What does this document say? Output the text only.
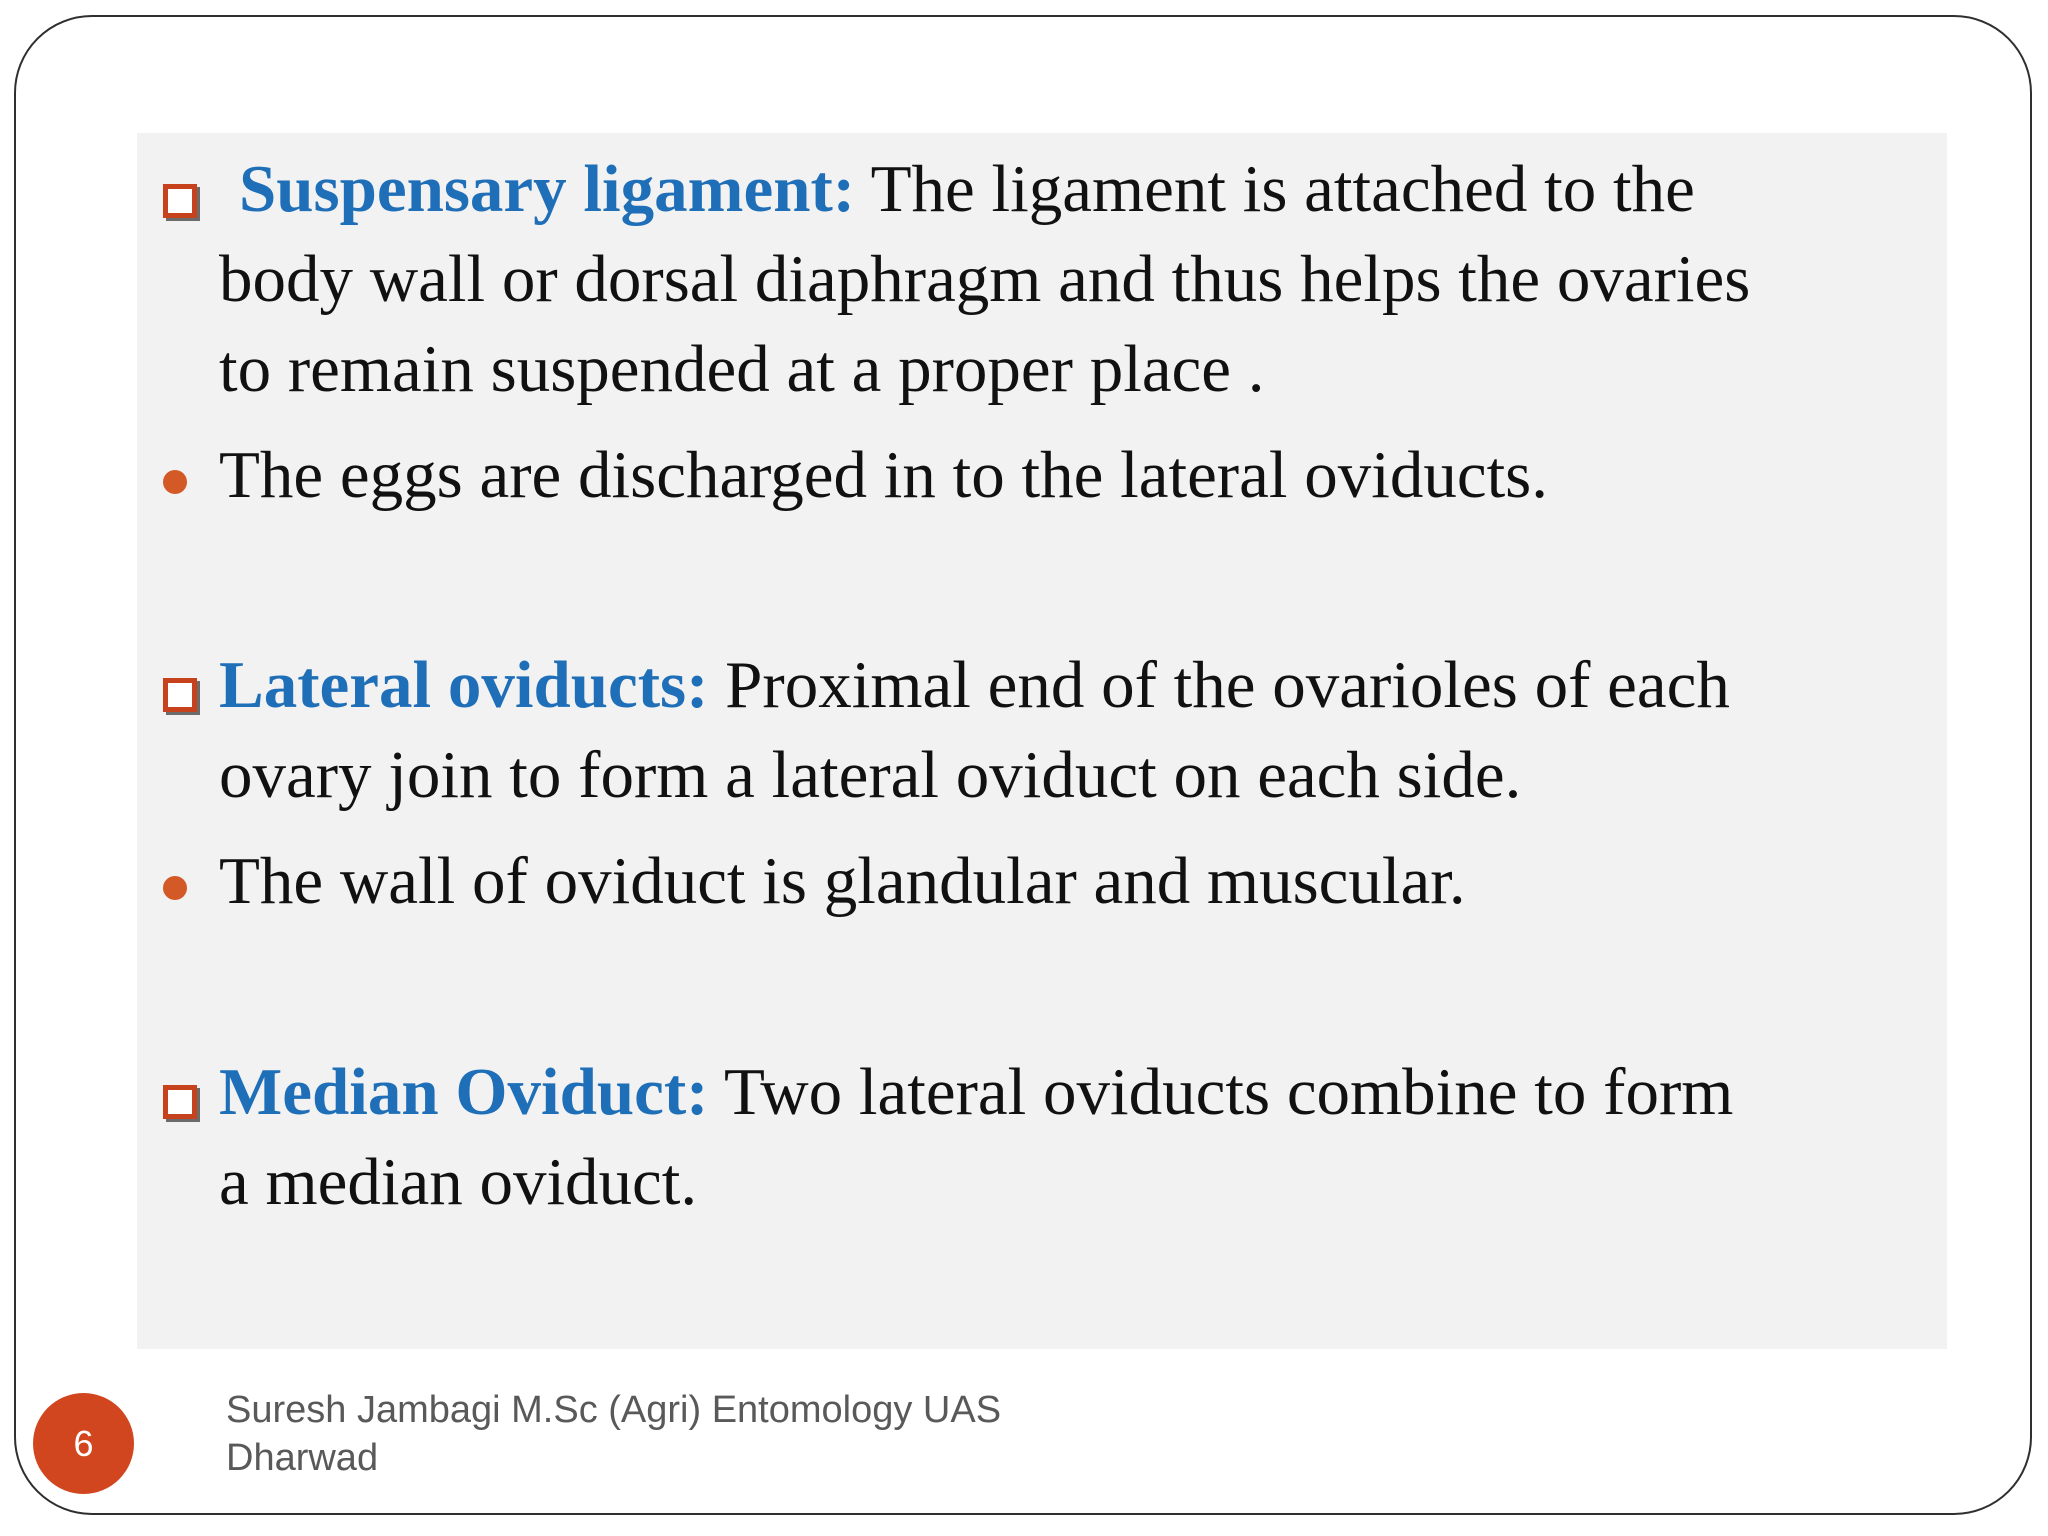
Suspensary ligament: The ligament is attached to the
body wall or dorsal diaphragm and thus helps the ovaries
to remain suspended at a proper place .
The eggs are discharged in to the lateral oviducts.
Lateral oviducts: Proximal end of the ovarioles of each
ovary join to form a lateral oviduct on each side.
The wall of oviduct is glandular and muscular.
Median Oviduct: Two lateral oviducts combine to form
a median oviduct.
6
Suresh Jambagi M.Sc (Agri) Entomology UAS
Dharwad
